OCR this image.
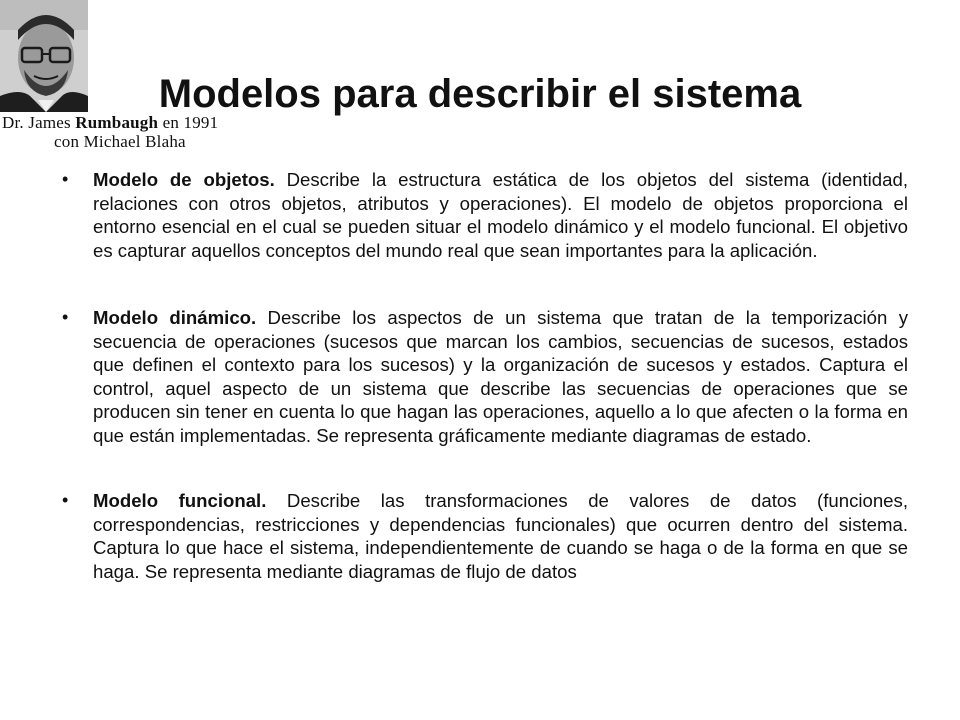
Dr. James Rumbaugh en 1991
con Michael Blaha
Modelos para describir el sistema
• Modelo de objetos. Describe la estructura estática de los objetos del sistema (identidad, relaciones con otros objetos, atributos y operaciones). El modelo de objetos proporciona el entorno esencial en el cual se pueden situar el modelo dinámico y el modelo funcional. El objetivo es capturar aquellos conceptos del mundo real que sean importantes para la aplicación.
• Modelo dinámico. Describe los aspectos de un sistema que tratan de la temporización y secuencia de operaciones (sucesos que marcan los cambios, secuencias de sucesos, estados que definen el contexto para los sucesos) y la organización de sucesos y estados. Captura el control, aquel aspecto de un sistema que describe las secuencias de operaciones que se producen sin tener en cuenta lo que hagan las operaciones, aquello a lo que afecten o la forma en que están implementadas. Se representa gráficamente mediante diagramas de estado.
• Modelo funcional. Describe las transformaciones de valores de datos (funciones, correspondencias, restricciones y dependencias funcionales) que ocurren dentro del sistema. Captura lo que hace el sistema, independientemente de cuando se haga o de la forma en que se haga. Se representa mediante diagramas de flujo de datos
